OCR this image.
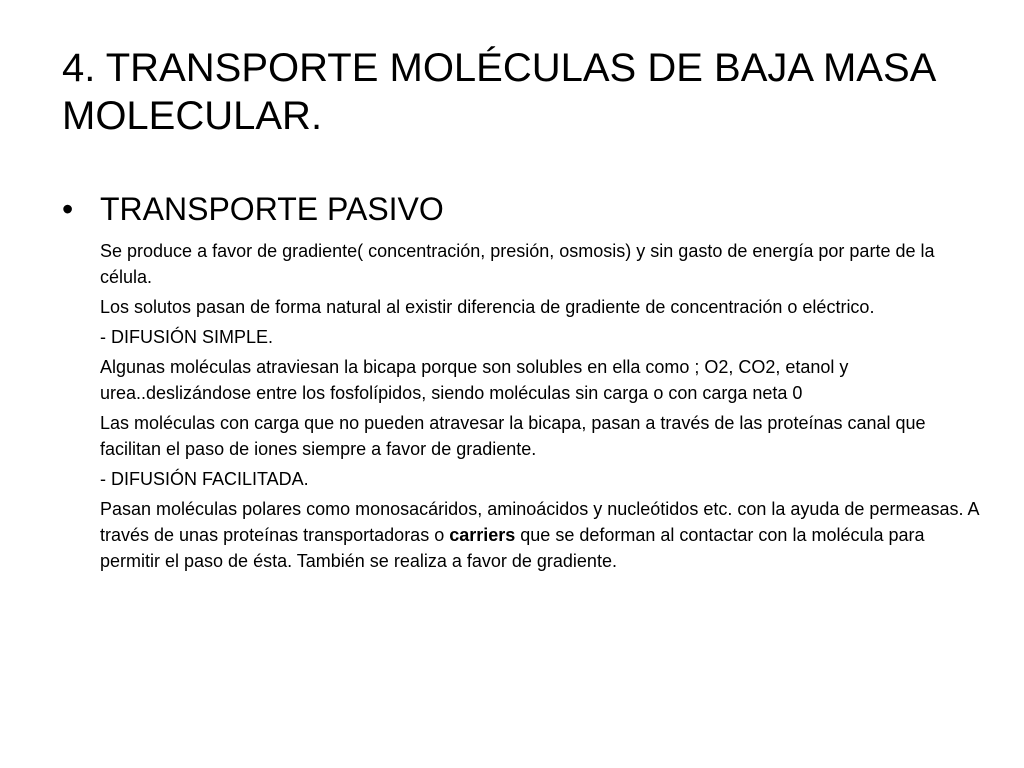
4. TRANSPORTE MOLÉCULAS DE BAJA MASA MOLECULAR.
• TRANSPORTE PASIVO

Se produce a favor de gradiente( concentración, presión, osmosis) y sin gasto de energía por parte de la célula.

Los solutos pasan de forma natural al existir diferencia de gradiente de concentración o eléctrico.

- DIFUSIÓN SIMPLE.

Algunas moléculas atraviesan la bicapa porque son solubles en ella como ; O2, CO2, etanol y urea..deslizándose entre los fosfolípidos, siendo moléculas sin carga o con carga neta 0

Las moléculas con carga que no pueden atravesar la bicapa, pasan a través de las proteínas canal que facilitan el paso de iones siempre a favor de gradiente.

- DIFUSIÓN FACILITADA.

Pasan moléculas polares como monosacáridos, aminoácidos y nucleótidos etc. con la ayuda de permeasas. A través de unas proteínas transportadoras o carriers que se deforman al contactar con la molécula para permitir el paso de ésta. También se realiza a favor de gradiente.
